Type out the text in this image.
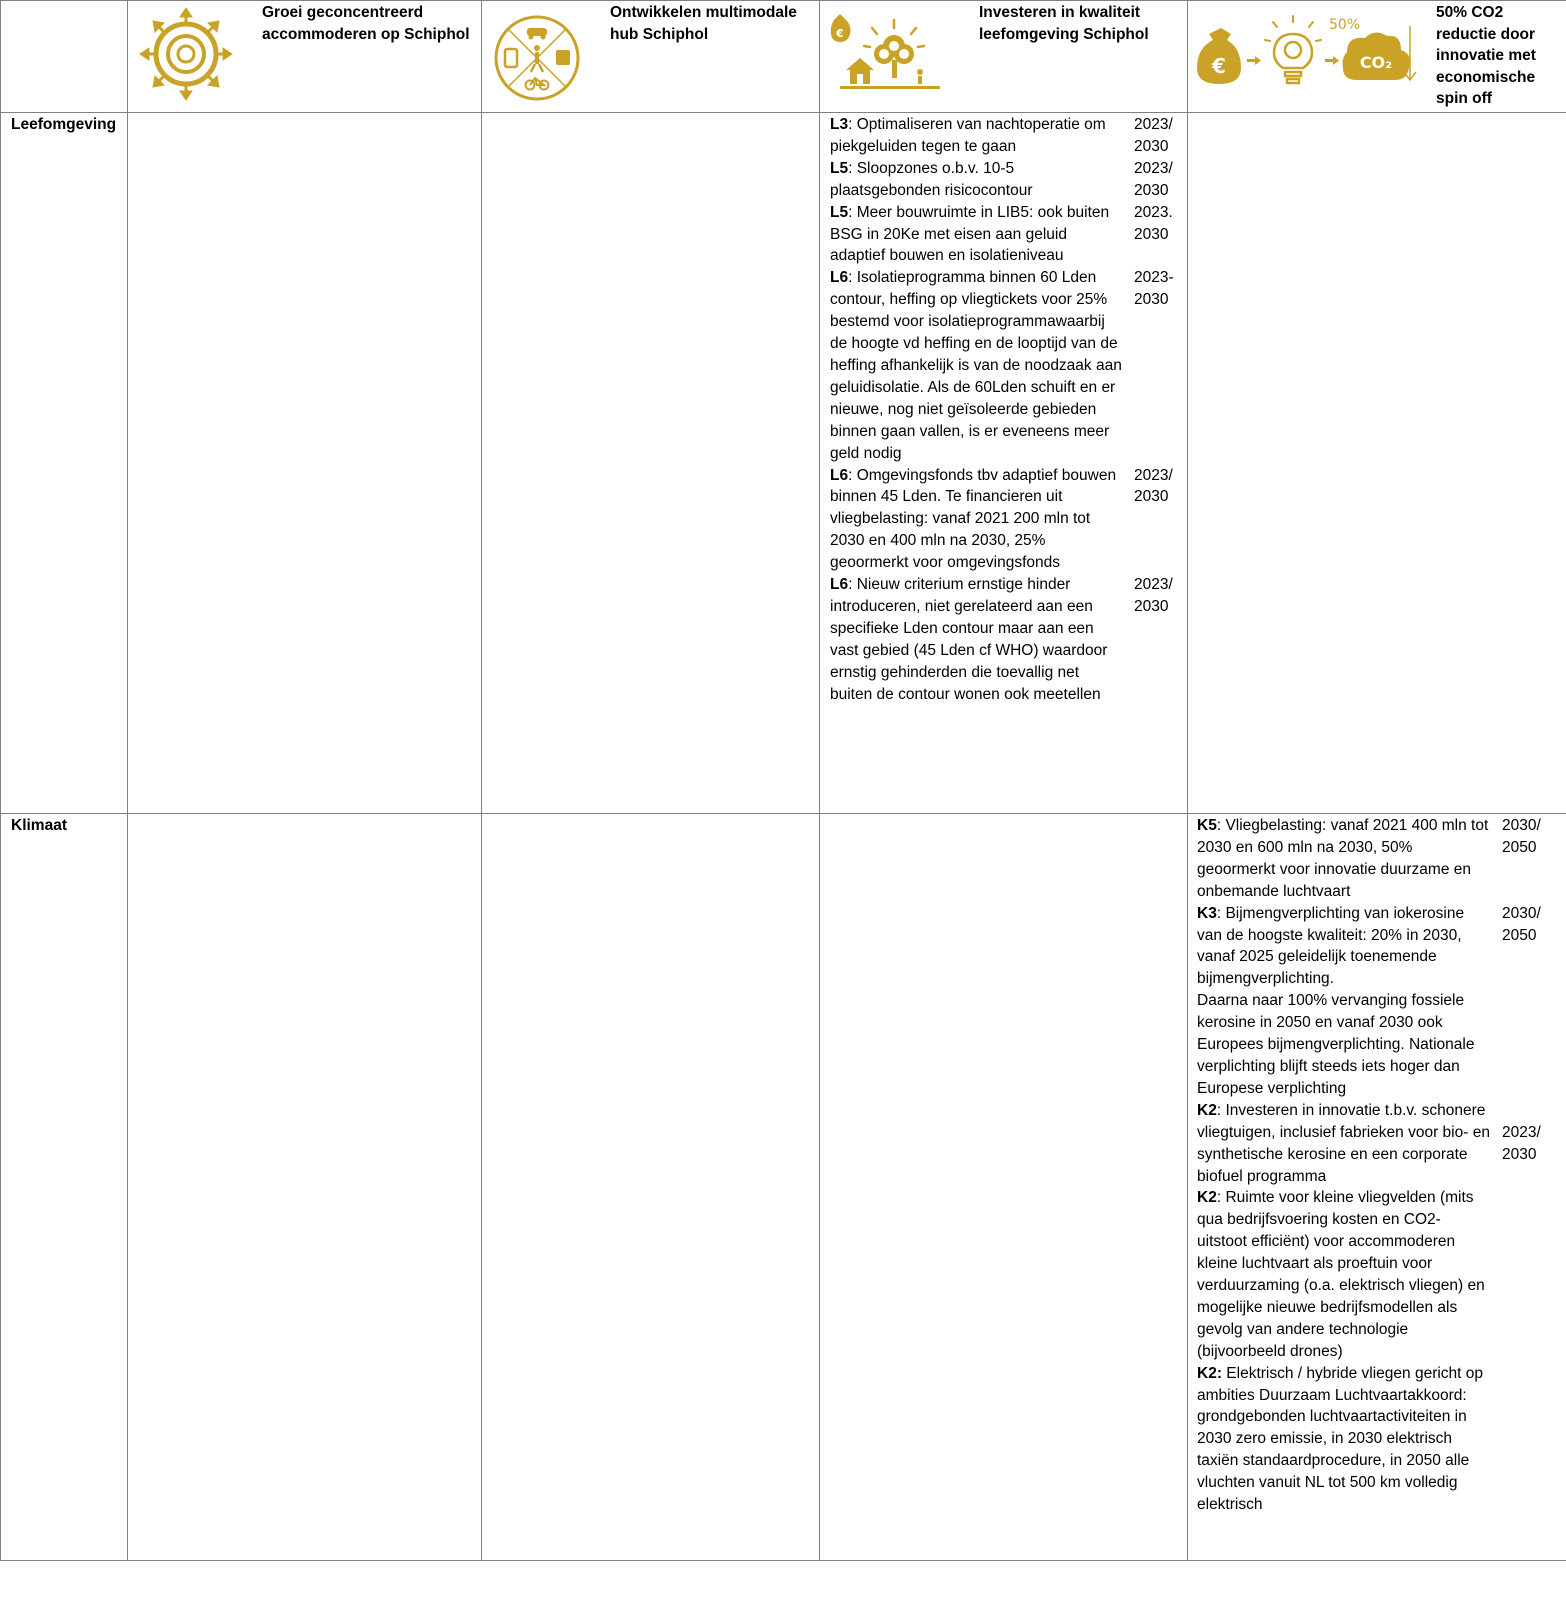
Groei geconcentreerd accommoderen op Schiphol
Ontwikkelen multimodale hub Schiphol	€
Investeren in kwaliteit leefomgeving Schiphol
50%
€	CO₂
50% CO2 reductie door innovatie met economische spin off
Leefomgeving
Klimaat
L3: Optimaliseren van nachtoperatie om piekgeluiden tegen te gaan
2023/
2030
L5: Sloopzones o.b.v. 10-5 plaatsgebonden risicocontour
2023/
2030
L5: Meer bouwruimte in LIB5: ook buiten BSG in 20Ke met eisen aan geluid adaptief bouwen en isolatieniveau
2023.
2030
L6: Isolatieprogramma binnen 60 Lden contour, heffing op vliegtickets voor 25% bestemd voor isolatieprogrammawaarbij de hoogte vd heffing en de looptijd van de heffing afhankelijk is van de noodzaak aan geluidisolatie. Als de 60Lden schuift en er nieuwe, nog niet geïsoleerde gebieden binnen gaan vallen, is er eveneens meer geld nodig
2023-
2030
L6: Omgevingsfonds tbv adaptief bouwen binnen 45 Lden. Te financieren uit vliegbelasting: vanaf 2021 200 mln tot 2030 en 400 mln na 2030, 25% geoormerkt voor omgevingsfonds
2023/
2030
L6: Nieuw criterium ernstige hinder introduceren, niet gerelateerd aan een specifieke Lden contour maar aan een vast gebied (45 Lden cf WHO) waardoor ernstig gehinderden die toevallig net buiten de contour wonen ook meetellen
2023/
2030
K5: Vliegbelasting: vanaf 2021 400 mln tot 2030 en 600 mln na 2030, 50% geoormerkt voor innovatie duurzame en onbemande luchtvaart
2030/
2050
K3: Bijmengverplichting van iokerosine van de hoogste kwaliteit: 20% in 2030, vanaf 2025 geleidelijk toenemende bijmengverplichting.
2030/
2050
Daarna naar 100% vervanging fossiele kerosine in 2050 en vanaf 2030 ook Europees bijmengverplichting. Nationale verplichting blijft steeds iets hoger dan Europese verplichting
K2: Investeren in innovatie t.b.v. schonere vliegtuigen, inclusief fabrieken voor bio- en synthetische kerosine en een corporate biofuel programma
2023/
2030
K2: Ruimte voor kleine vliegvelden (mits qua bedrijfsvoering kosten en CO2-uitstoot efficiënt) voor accommoderen kleine luchtvaart als proeftuin voor verduurzaming (o.a. elektrisch vliegen) en mogelijke nieuwe bedrijfsmodellen als gevolg van andere technologie (bijvoorbeeld drones)
K2: Elektrisch / hybride vliegen gericht op ambities Duurzaam Luchtvaartakkoord: grondgebonden luchtvaartactiviteiten in 2030 zero emissie, in 2030 elektrisch taxiën standaardprocedure, in 2050 alle vluchten vanuit NL tot 500 km volledig elektrisch
